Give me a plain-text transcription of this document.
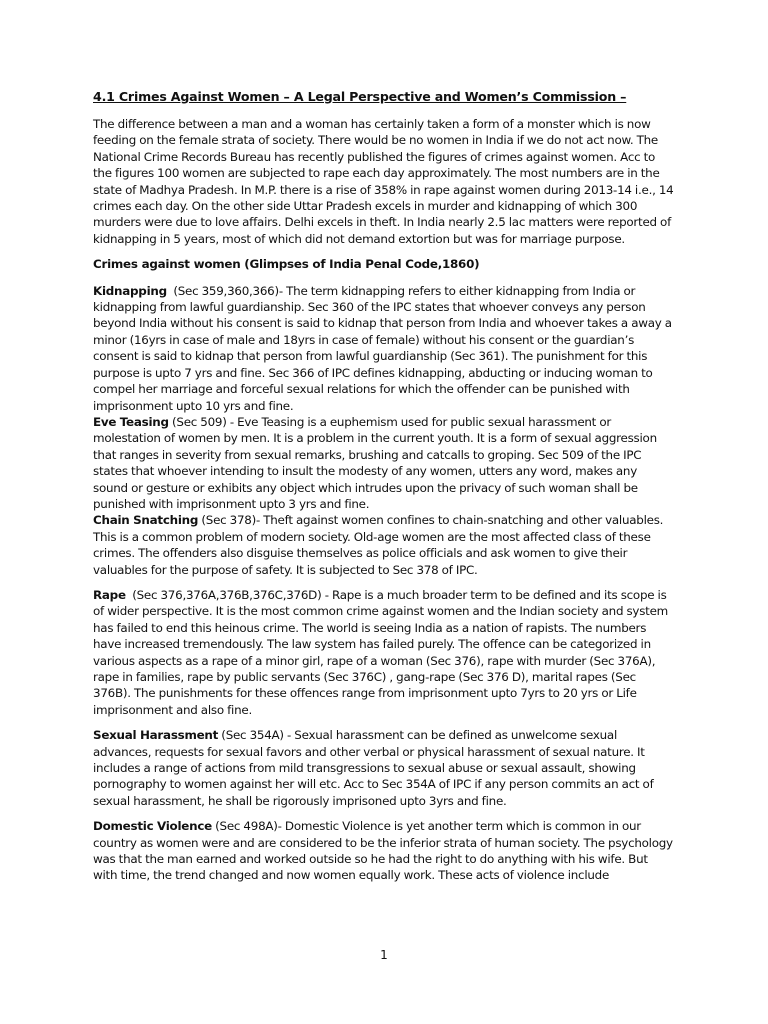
4.1 Crimes Against Women – A Legal Perspective and Women’s Commission –

The difference between a man and a woman has certainly taken a form of a monster which is now feeding on the female strata of society. There would be no women in India if we do not act now. The National Crime Records Bureau has recently published the figures of crimes against women. Acc to the figures 100 women are subjected to rape each day approximately. The most numbers are in the state of Madhya Pradesh. In M.P. there is a rise of 358% in rape against women during 2013-14 i.e., 14 crimes each day. On the other side Uttar Pradesh excels in murder and kidnapping of which 300 murders were due to love affairs. Delhi excels in theft. In India nearly 2.5 lac matters were reported of kidnapping in 5 years, most of which did not demand extortion but was for marriage purpose.

Crimes against women (Glimpses of India Penal Code,1860)

Kidnapping  (Sec 359,360,366)- The term kidnapping refers to either kidnapping from India or kidnapping from lawful guardianship. Sec 360 of the IPC states that whoever conveys any person beyond India without his consent is said to kidnap that person from India and whoever takes a away a minor (16yrs in case of male and 18yrs in case of female) without his consent or the guardian’s consent is said to kidnap that person from lawful guardianship (Sec 361). The punishment for this purpose is upto 7 yrs and fine. Sec 366 of IPC defines kidnapping, abducting or inducing woman to compel her marriage and forceful sexual relations for which the offender can be punished with imprisonment upto 10 yrs and fine.

Eve Teasing (Sec 509) - Eve Teasing is a euphemism used for public sexual harassment or molestation of women by men. It is a problem in the current youth. It is a form of sexual aggression that ranges in severity from sexual remarks, brushing and catcalls to groping. Sec 509 of the IPC states that whoever intending to insult the modesty of any women, utters any word, makes any sound or gesture or exhibits any object which intrudes upon the privacy of such woman shall be punished with imprisonment upto 3 yrs and fine.

Chain Snatching (Sec 378)- Theft against women confines to chain-snatching and other valuables. This is a common problem of modern society. Old-age women are the most affected class of these crimes. The offenders also disguise themselves as police officials and ask women to give their valuables for the purpose of safety. It is subjected to Sec 378 of IPC.

Rape  (Sec 376,376A,376B,376C,376D) - Rape is a much broader term to be defined and its scope is of wider perspective. It is the most common crime against women and the Indian society and system has failed to end this heinous crime. The world is seeing India as a nation of rapists. The numbers have increased tremendously. The law system has failed purely. The offence can be categorized in various aspects as a rape of a minor girl, rape of a woman (Sec 376), rape with murder (Sec 376A), rape in families, rape by public servants (Sec 376C) , gang-rape (Sec 376 D), marital rapes (Sec 376B). The punishments for these offences range from imprisonment upto 7yrs to 20 yrs or Life imprisonment and also fine.

Sexual Harassment (Sec 354A) - Sexual harassment can be defined as unwelcome sexual advances, requests for sexual favors and other verbal or physical harassment of sexual nature. It includes a range of actions from mild transgressions to sexual abuse or sexual assault, showing pornography to women against her will etc. Acc to Sec 354A of IPC if any person commits an act of sexual harassment, he shall be rigorously imprisoned upto 3yrs and fine.

Domestic Violence (Sec 498A)- Domestic Violence is yet another term which is common in our country as women were and are considered to be the inferior strata of human society. The psychology was that the man earned and worked outside so he had the right to do anything with his wife. But with time, the trend changed and now women equally work. These acts of violence include

1
